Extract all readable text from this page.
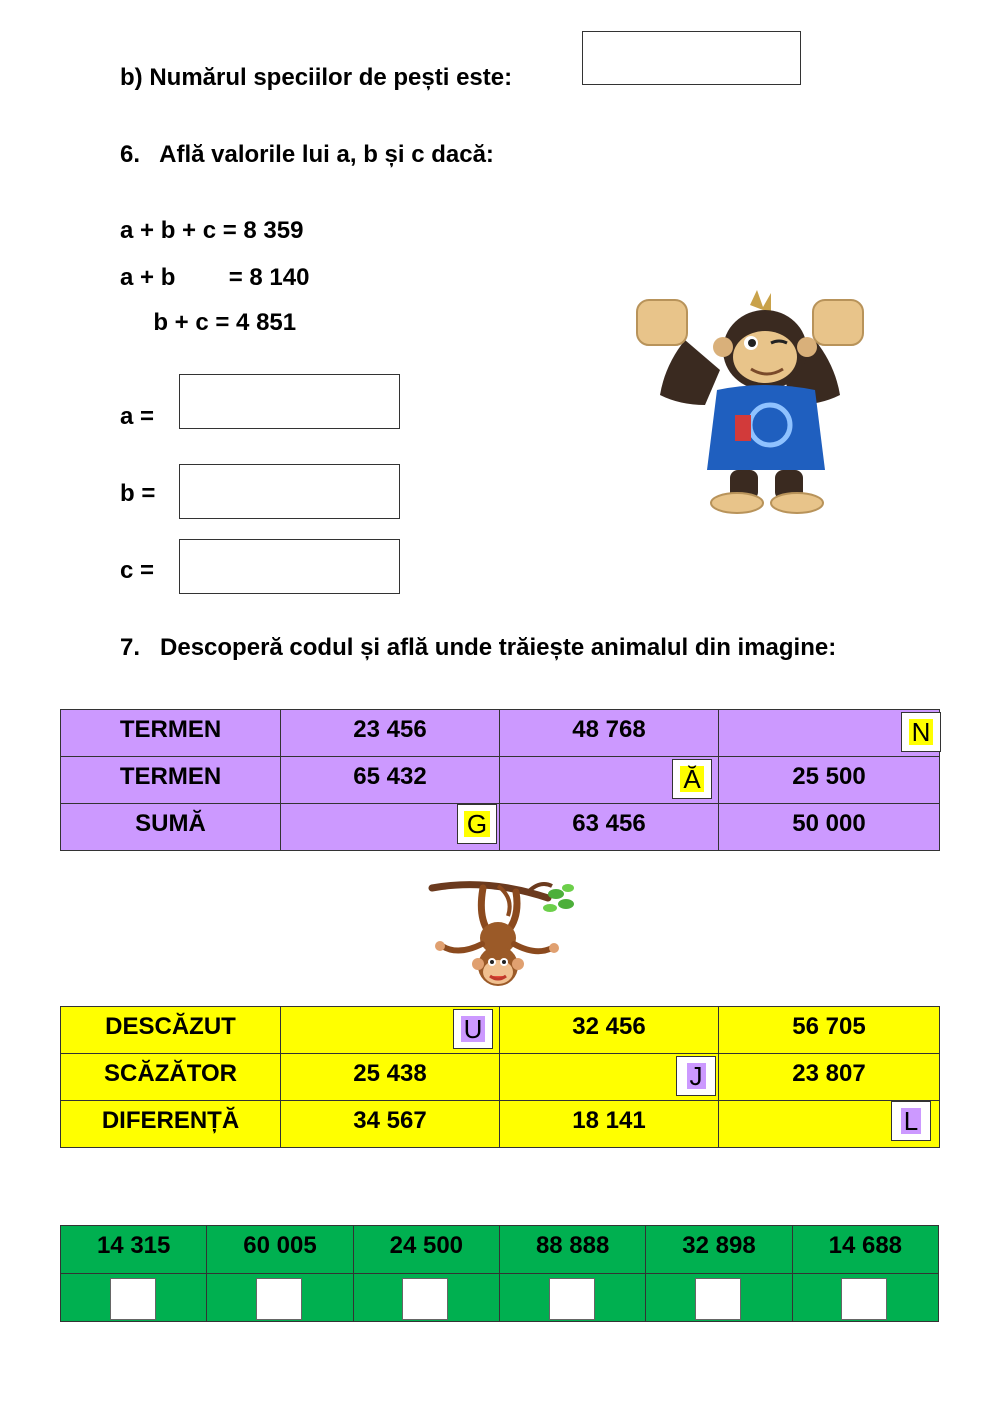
b) Numărul speciilor de pești este:
6.   Află valorile lui a, b și c dacă:
a + b + c = 8 359
a + b        = 8 140
b + c = 4 851
a =
b =
c =
7.   Descoperă codul și află unde trăiește animalul din imagine:
TERMEN	23 456	48 768	N

TERMEN	65 432	Ă	25 500
SUMĂ	G	63 456	50 000
DESCĂZUT	U	32 456	56 705
SCĂZĂTOR	25 438	J	23 807
DIFERENȚĂ	34 567	18 141	L
14 315	60 005	24 500	88 888	32 898	14 688
